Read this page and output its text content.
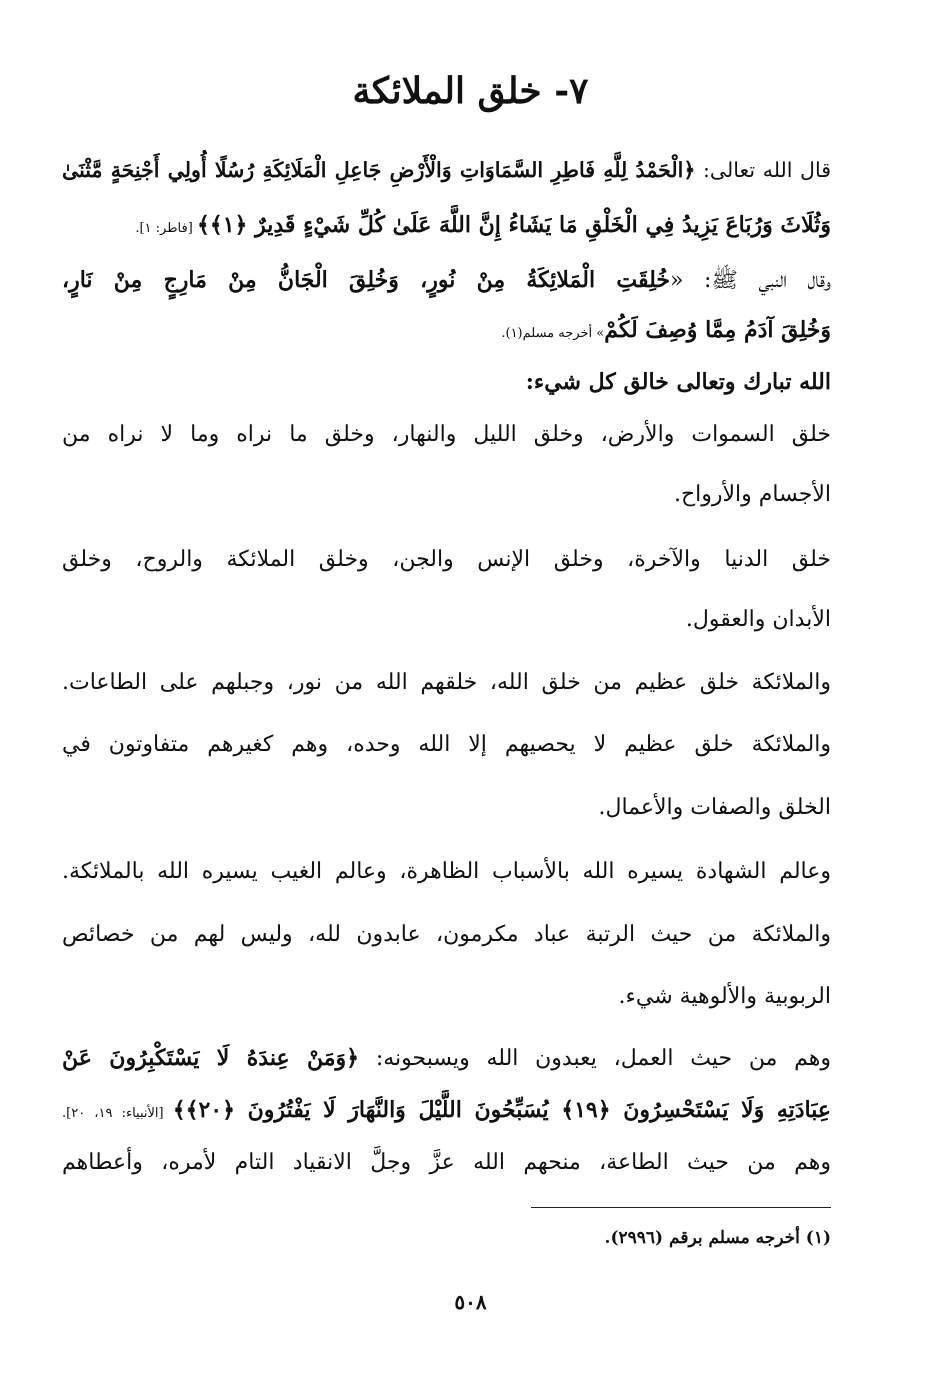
٧- خلق الملائكة
قال الله تعالى: ﴿الْحَمْدُ لِلَّهِ فَاطِرِ السَّمَاوَاتِ وَالْأَرْضِ جَاعِلِ الْمَلَائِكَةِ رُسُلًا أُولِي أَجْنِحَةٍ مَّثْنَىٰ
وَثُلَاثَ وَرُبَاعَ يَزِيدُ فِي الْخَلْقِ مَا يَشَاءُ إِنَّ اللَّهَ عَلَىٰ كُلِّ شَيْءٍ قَدِيرٌ ﴿١﴾﴾ [فاطر: ١].
وقال النبي ﷺ: «خُلِقَتِ الْمَلائِكَةُ مِنْ نُورٍ، وَخُلِقَ الْجَانُّ مِنْ مَارِجٍ مِنْ نَارٍ،
وَخُلِقَ آدَمُ مِمَّا وُصِفَ لَكُمْ» أخرجه مسلم(١).
الله تبارك وتعالى خالق كل شيء:
خلق السموات والأرض، وخلق الليل والنهار، وخلق ما نراه وما لا نراه من
الأجسام والأرواح.
خلق الدنيا والآخرة، وخلق الإنس والجن، وخلق الملائكة والروح، وخلق
الأبدان والعقول.
والملائكة خلق عظيم من خلق الله، خلقهم الله من نور، وجبلهم على الطاعات.
والملائكة خلق عظيم لا يحصيهم إلا الله وحده، وهم كغيرهم متفاوتون في
الخلق والصفات والأعمال.
وعالم الشهادة يسيره الله بالأسباب الظاهرة، وعالم الغيب يسيره الله بالملائكة.
والملائكة من حيث الرتبة عباد مكرمون، عابدون لله، وليس لهم من خصائص
الربوبية والألوهية شيء.
وهم من حيث العمل، يعبدون الله ويسبحونه: ﴿وَمَنْ عِندَهُ لَا يَسْتَكْبِرُونَ عَنْ
عِبَادَتِهِ وَلَا يَسْتَحْسِرُونَ ﴿١٩﴾ يُسَبِّحُونَ اللَّيْلَ وَالنَّهَارَ لَا يَفْتُرُونَ ﴿٢٠﴾﴾ [الأنبياء: ١٩، ٢٠].
وهم من حيث الطاعة، منحهم الله عزَّ وجلَّ الانقياد التام لأمره، وأعطاهم
(١) أخرجه مسلم برقم (٢٩٩٦).
٥٠٨
